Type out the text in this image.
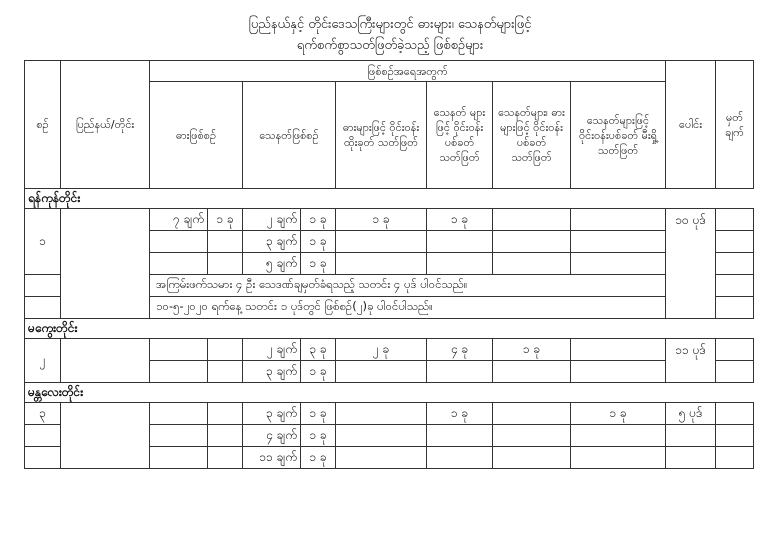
ပြည်နယ်နှင့် တိုင်းဒေသကြီးများတွင် ဓားများ၊ သေနတ်များဖြင့်
ရက်စက်စွာသတ်ဖြတ်ခဲ့သည့် ဖြစ်စဉ်များ
စဉ်	ပြည်နယ်/တိုင်း	ဖြစ်စဉ်အရေအတွက်								ပေါင်း	မှတ် ချက်
		ဓားဖြစ်စဉ်		သေနတ်ဖြစ်စဉ်		ဓားများဖြင့် ဝိုင်းဝန်း ထိုးခုတ် သတ်ဖြတ်	သေနတ် များဖြင့် ဝိုင်းဝန်း ပစ်ခတ် သတ်ဖြတ်	သေနတ်များ၊ ဓားများဖြင့် ဝိုင်းဝန်း ပစ်ခတ် သတ်ဖြတ်	သေနတ်များဖြင့် ဝိုင်းဝန်းပစ်ခတ် မီးရှို့ သတ်ဖြတ်		
ရန်ကုန်တိုင်း											
၁		၇ ချက်	၁ ခု	၂ ချက်	၁ ခု	၁ ခု	၁ ခု			၁၀ ပုဒ်	
				၃ ချက်	၁ ခု						
				၅ ချက်	၁ ခု						
		အကြမ်းဖက်သမား ၄ ဦး သေဒဏ်ချမှတ်ခံရသည့် သတင်း ၄ ပုဒ် ပါဝင်သည်။									
		၁၀-၅-၂၀၂၀ ရက်နေ့ သတင်း ၁ ပုဒ်တွင် ဖြစ်စဉ်(၂)ခု ပါဝင်ပါသည်။									
မကွေးတိုင်း											
၂				၂ ချက်	၃ ခု	၂ ခု	၄ ခု	၁ ခု		၁၁ ပုဒ်	
				၃ ချက်	၁ ခု						
မန္တလေးတိုင်း											
၃				၃ ချက်	၁ ခု		၁ ခု		၁ ခု	၅ ပုဒ်	
				၄ ချက်	၁ ခု						
				၁၁ ချက်	၁ ခု						
